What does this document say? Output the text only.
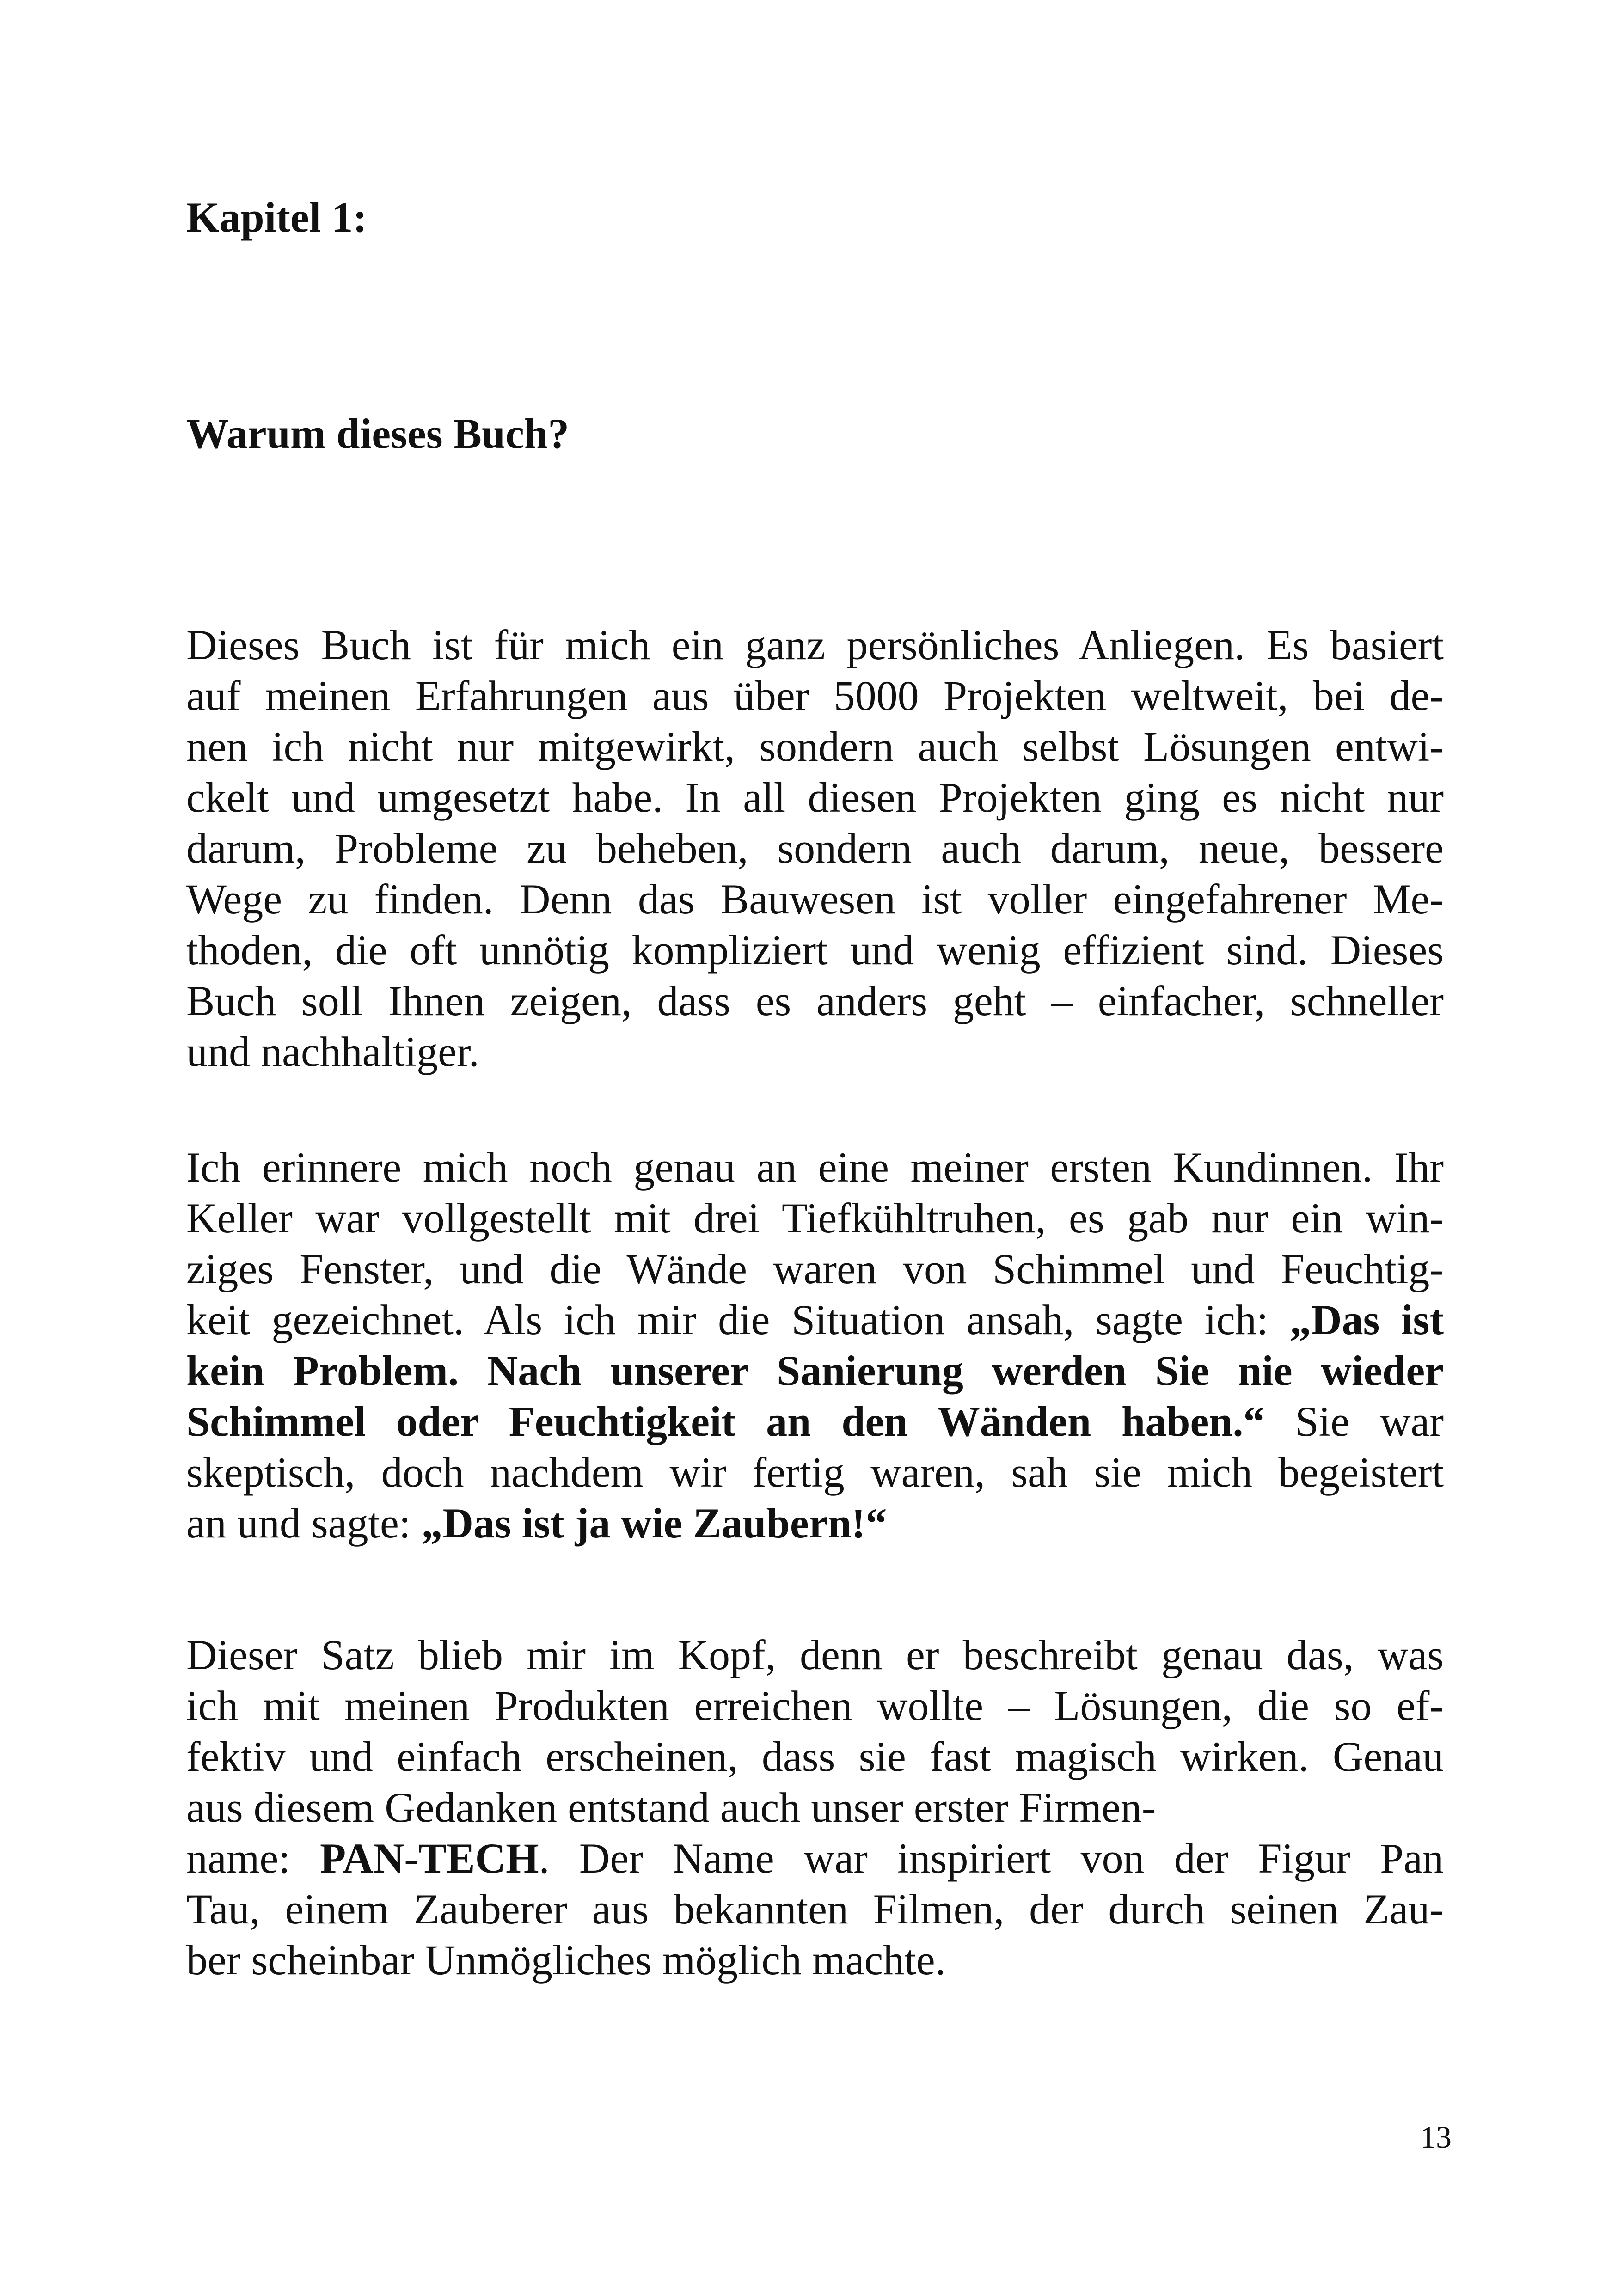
Kapitel 1:
Warum dieses Buch?

Dieses Buch ist für mich ein ganz persönliches Anliegen. Es basiert
auf meinen Erfahrungen aus über 5000 Projekten weltweit, bei de-
nen ich nicht nur mitgewirkt, sondern auch selbst Lösungen entwi-
ckelt und umgesetzt habe. In all diesen Projekten ging es nicht nur
darum, Probleme zu beheben, sondern auch darum, neue, bessere
Wege zu finden. Denn das Bauwesen ist voller eingefahrener Me-
thoden, die oft unnötig kompliziert und wenig effizient sind. Dieses
Buch soll Ihnen zeigen, dass es anders geht – einfacher, schneller
und nachhaltiger.

Ich erinnere mich noch genau an eine meiner ersten Kundinnen. Ihr
Keller war vollgestellt mit drei Tiefkühltruhen, es gab nur ein win-
ziges Fenster, und die Wände waren von Schimmel und Feuchtig-
keit gezeichnet. Als ich mir die Situation ansah, sagte ich: „Das ist
kein Problem. Nach unserer Sanierung werden Sie nie wieder
Schimmel oder Feuchtigkeit an den Wänden haben.“ Sie war
skeptisch, doch nachdem wir fertig waren, sah sie mich begeistert
an und sagte: „Das ist ja wie Zaubern!“

Dieser Satz blieb mir im Kopf, denn er beschreibt genau das, was
ich mit meinen Produkten erreichen wollte – Lösungen, die so ef-
fektiv und einfach erscheinen, dass sie fast magisch wirken. Genau
aus diesem Gedanken entstand auch unser erster Firmen-
name: PAN-TECH. Der Name war inspiriert von der Figur Pan
Tau, einem Zauberer aus bekannten Filmen, der durch seinen Zau-
ber scheinbar Unmögliches möglich machte.

13
